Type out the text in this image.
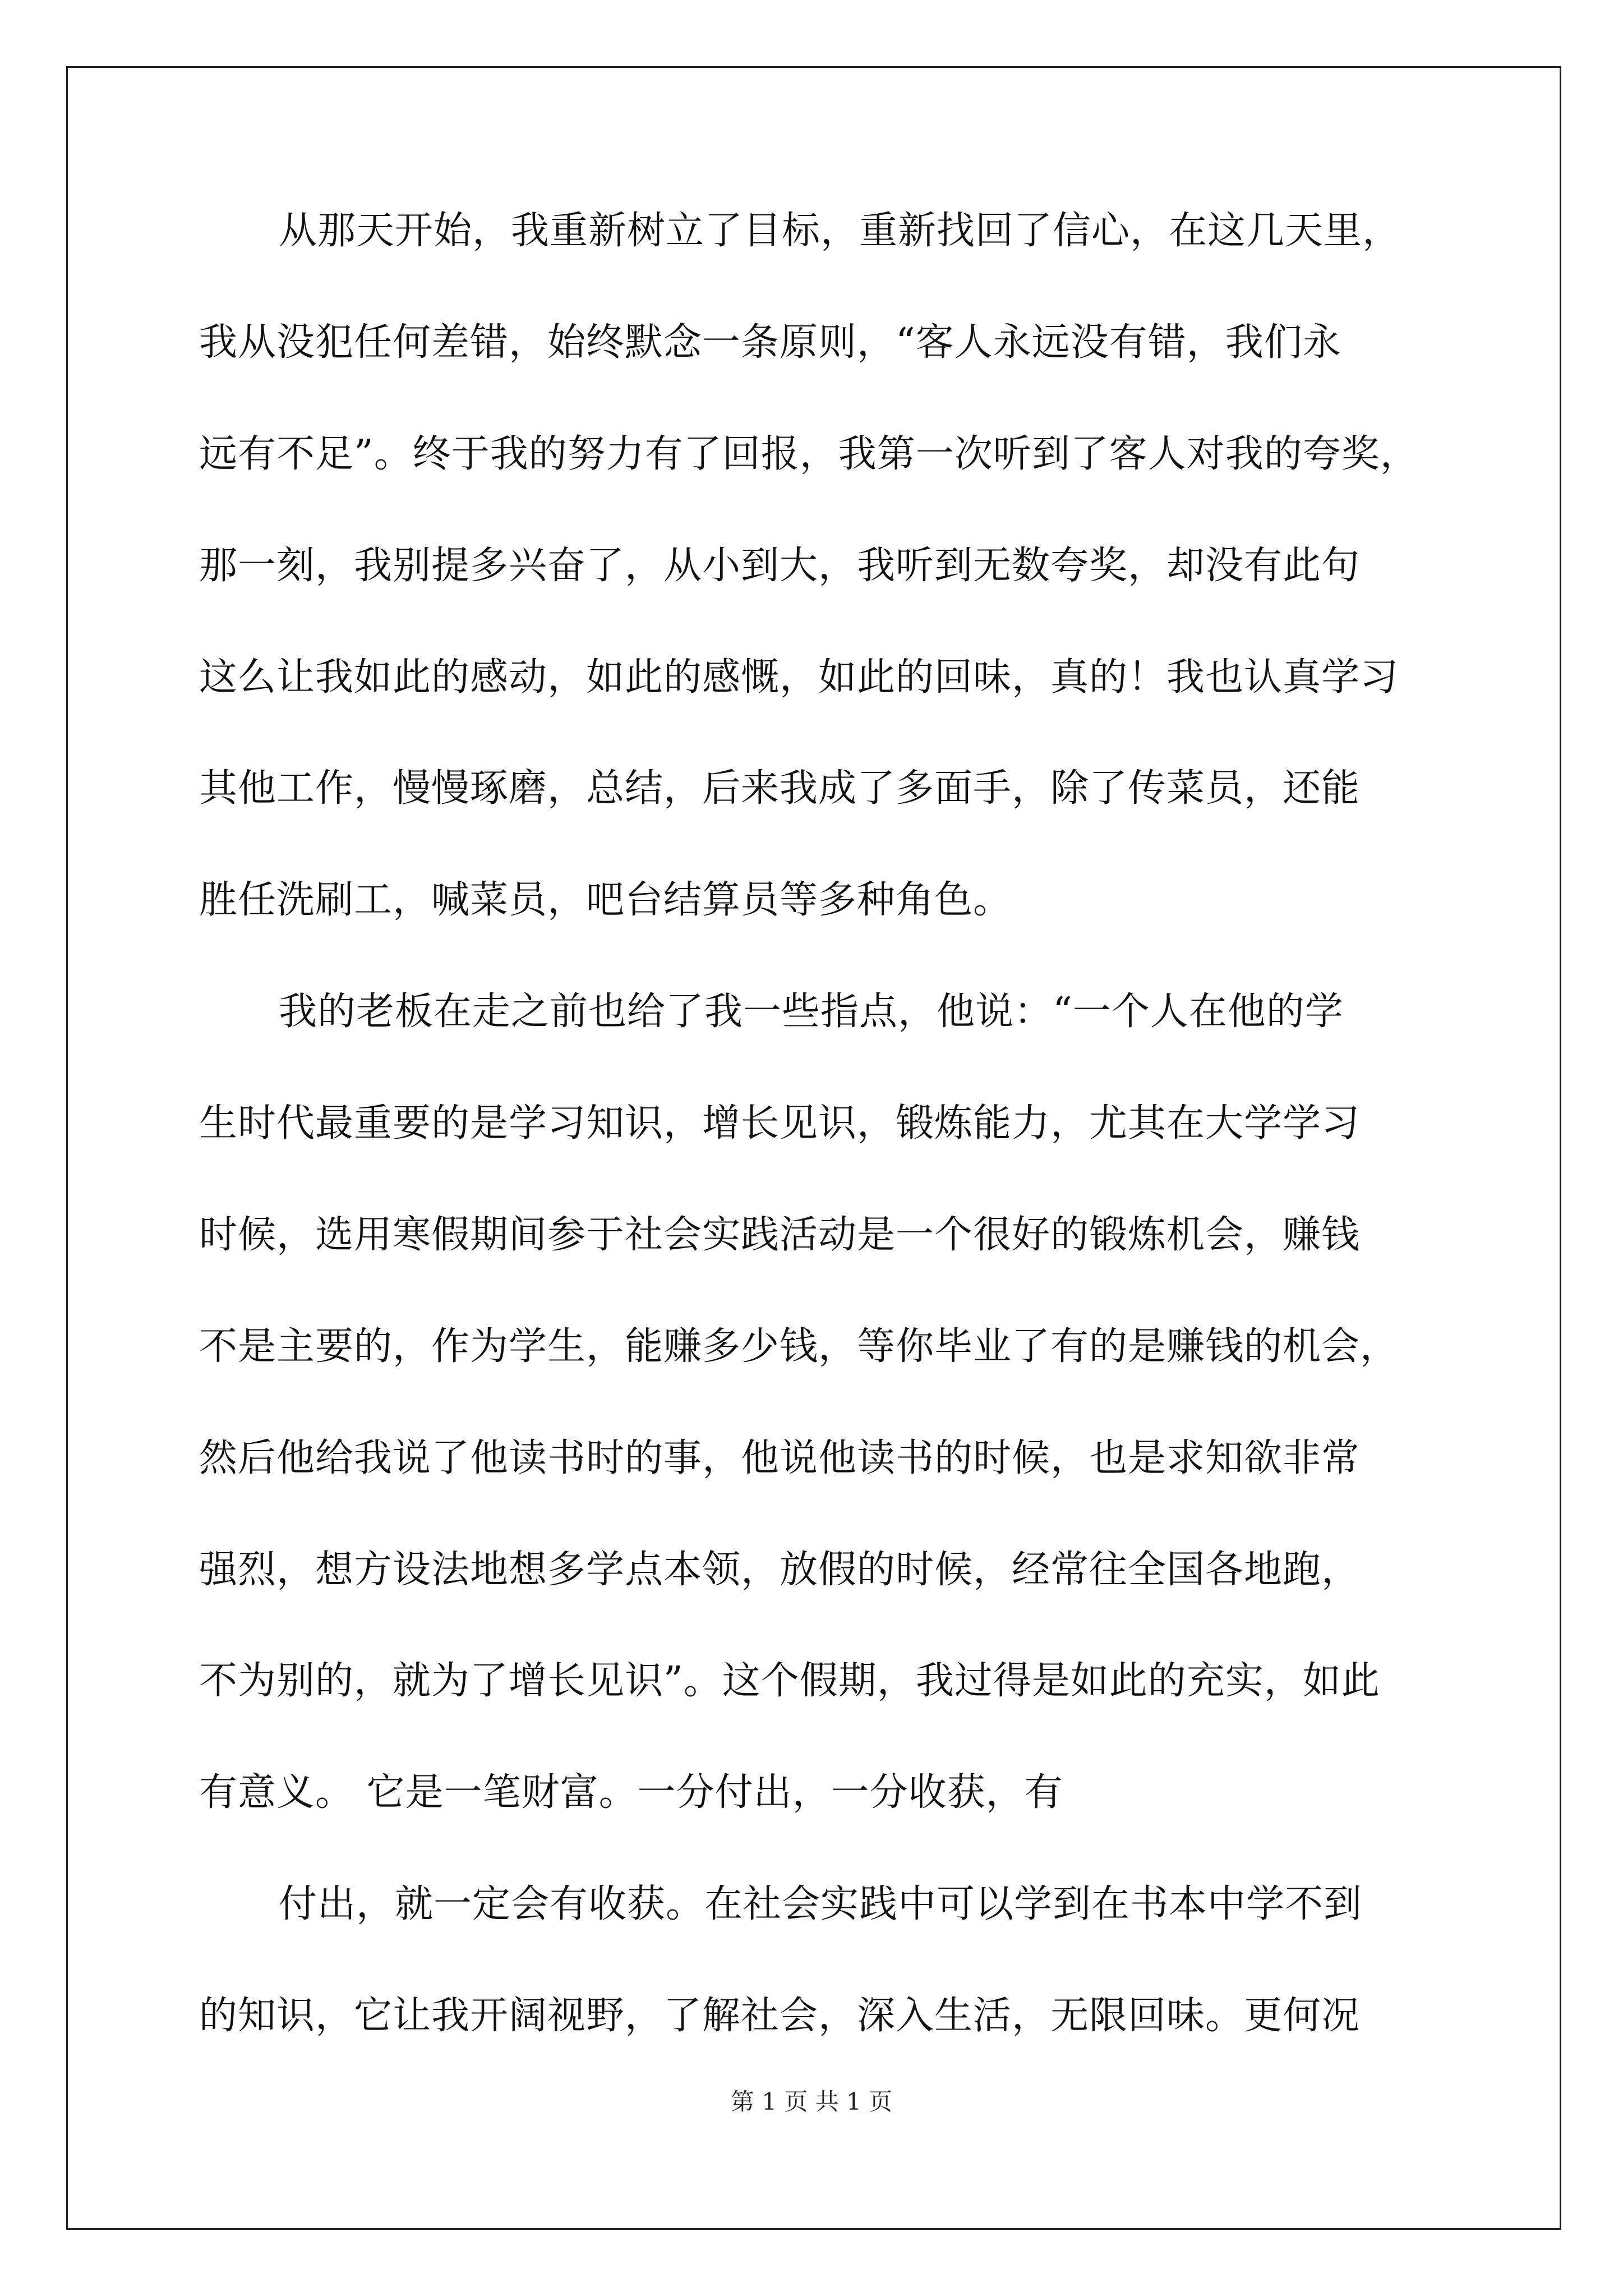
从那天开始，我重新树立了目标，重新找回了信心，在这几天里，
我从没犯任何差错，始终默念一条原则，“客人永远没有错，我们永
远有不足”。终于我的努力有了回报，我第一次听到了客人对我的夸奖，
那一刻，我别提多兴奋了，从小到大，我听到无数夸奖，却没有此句
这么让我如此的感动，如此的感慨，如此的回味，真的！我也认真学习
其他工作，慢慢琢磨，总结，后来我成了多面手，除了传菜员，还能
胜任洗刷工，喊菜员，吧台结算员等多种角色。
我的老板在走之前也给了我一些指点，他说：“一个人在他的学
生时代最重要的是学习知识，增长见识，锻炼能力，尤其在大学学习
时候，选用寒假期间参于社会实践活动是一个很好的锻炼机会，赚钱
不是主要的，作为学生，能赚多少钱，等你毕业了有的是赚钱的机会，
然后他给我说了他读书时的事，他说他读书的时候，也是求知欲非常
强烈，想方设法地想多学点本领，放假的时候，经常往全国各地跑，
不为别的，就为了增长见识”。这个假期，我过得是如此的充实，如此
有意义。 它是一笔财富。一分付出，一分收获，有
付出，就一定会有收获。在社会实践中可以学到在书本中学不到
的知识，它让我开阔视野，了解社会，深入生活，无限回味。更何况
第 1 页 共 1 页
